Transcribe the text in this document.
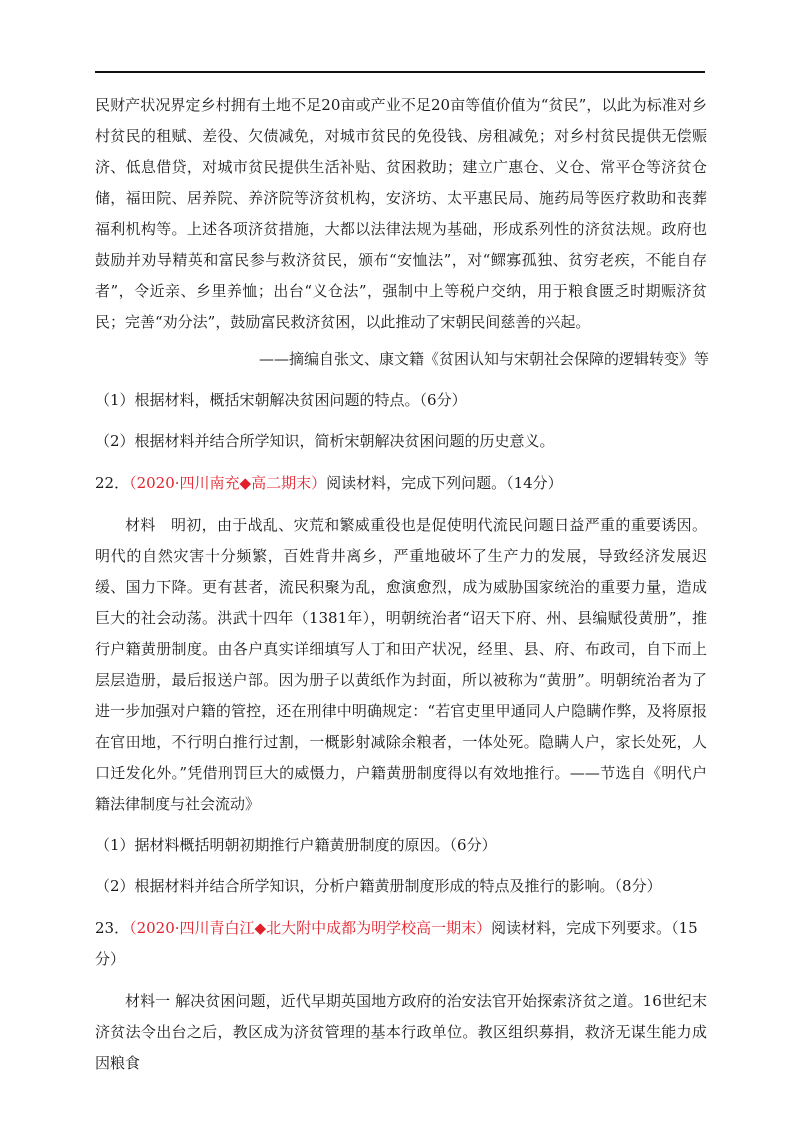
民财产状况界定乡村拥有土地不足20亩或产业不足20亩等值价值为“贫民”，以此为标准对乡村贫民的租赋、差役、欠债减免，对城市贫民的免役钱、房租减免；对乡村贫民提供无偿赈济、低息借贷，对城市贫民提供生活补贴、贫困救助；建立广惠仓、义仓、常平仓等济贫仓储，福田院、居养院、养济院等济贫机构，安济坊、太平惠民局、施药局等医疗救助和丧葬福利机构等。上述各项济贫措施，大都以法律法规为基础，形成系列性的济贫法规。政府也鼓励并劝导精英和富民参与救济贫民，颁布“安恤法”，对“鳏寡孤独、贫穷老疾，不能自存者”，令近亲、乡里养恤；出台“义仓法”，强制中上等税户交纳，用于粮食匮乏时期赈济贫民；完善“劝分法”，鼓励富民救济贫困，以此推动了宋朝民间慈善的兴起。

——摘编自张文、康文籍《贫困认知与宋朝社会保障的逻辑转变》等

（1）根据材料，概括宋朝解决贫困问题的特点。（6分）

（2）根据材料并结合所学知识，简析宋朝解决贫困问题的历史意义。

22．（2020·四川南充◆高二期末）阅读材料，完成下列问题。（14分）

材料　明初，由于战乱、灾荒和繁威重役也是促使明代流民问题日益严重的重要诱因。明代的自然灾害十分频繁，百姓背井离乡，严重地破坏了生产力的发展，导致经济发展迟缓、国力下降。更有甚者，流民积聚为乱，愈演愈烈，成为威胁国家统治的重要力量，造成巨大的社会动荡。洪武十四年（1381年），明朝统治者“诏天下府、州、县编赋役黄册”，推行户籍黄册制度。由各户真实详细填写人丁和田产状况，经里、县、府、布政司，自下而上层层造册，最后报送户部。因为册子以黄纸作为封面，所以被称为“黄册”。明朝统治者为了进一步加强对户籍的管控，还在刑律中明确规定：“若官吏里甲通同人户隐瞒作弊，及将原报在官田地，不行明白推行过割，一概影射减除余粮者，一体处死。隐瞒人户，家长处死，人口迁发化外。”凭借刑罚巨大的威慑力，户籍黄册制度得以有效地推行。——节选自《明代户籍法律制度与社会流动》

（1）据材料概括明朝初期推行户籍黄册制度的原因。（6分）

（2）根据材料并结合所学知识，分析户籍黄册制度形成的特点及推行的影响。（8分）

23．（2020·四川青白江◆北大附中成都为明学校高一期末）阅读材料，完成下列要求。（15分）

材料一 解决贫困问题，近代早期英国地方政府的治安法官开始探索济贫之道。16世纪末济贫法令出台之后，教区成为济贫管理的基本行政单位。教区组织募捐，救济无谋生能力成因粮食
